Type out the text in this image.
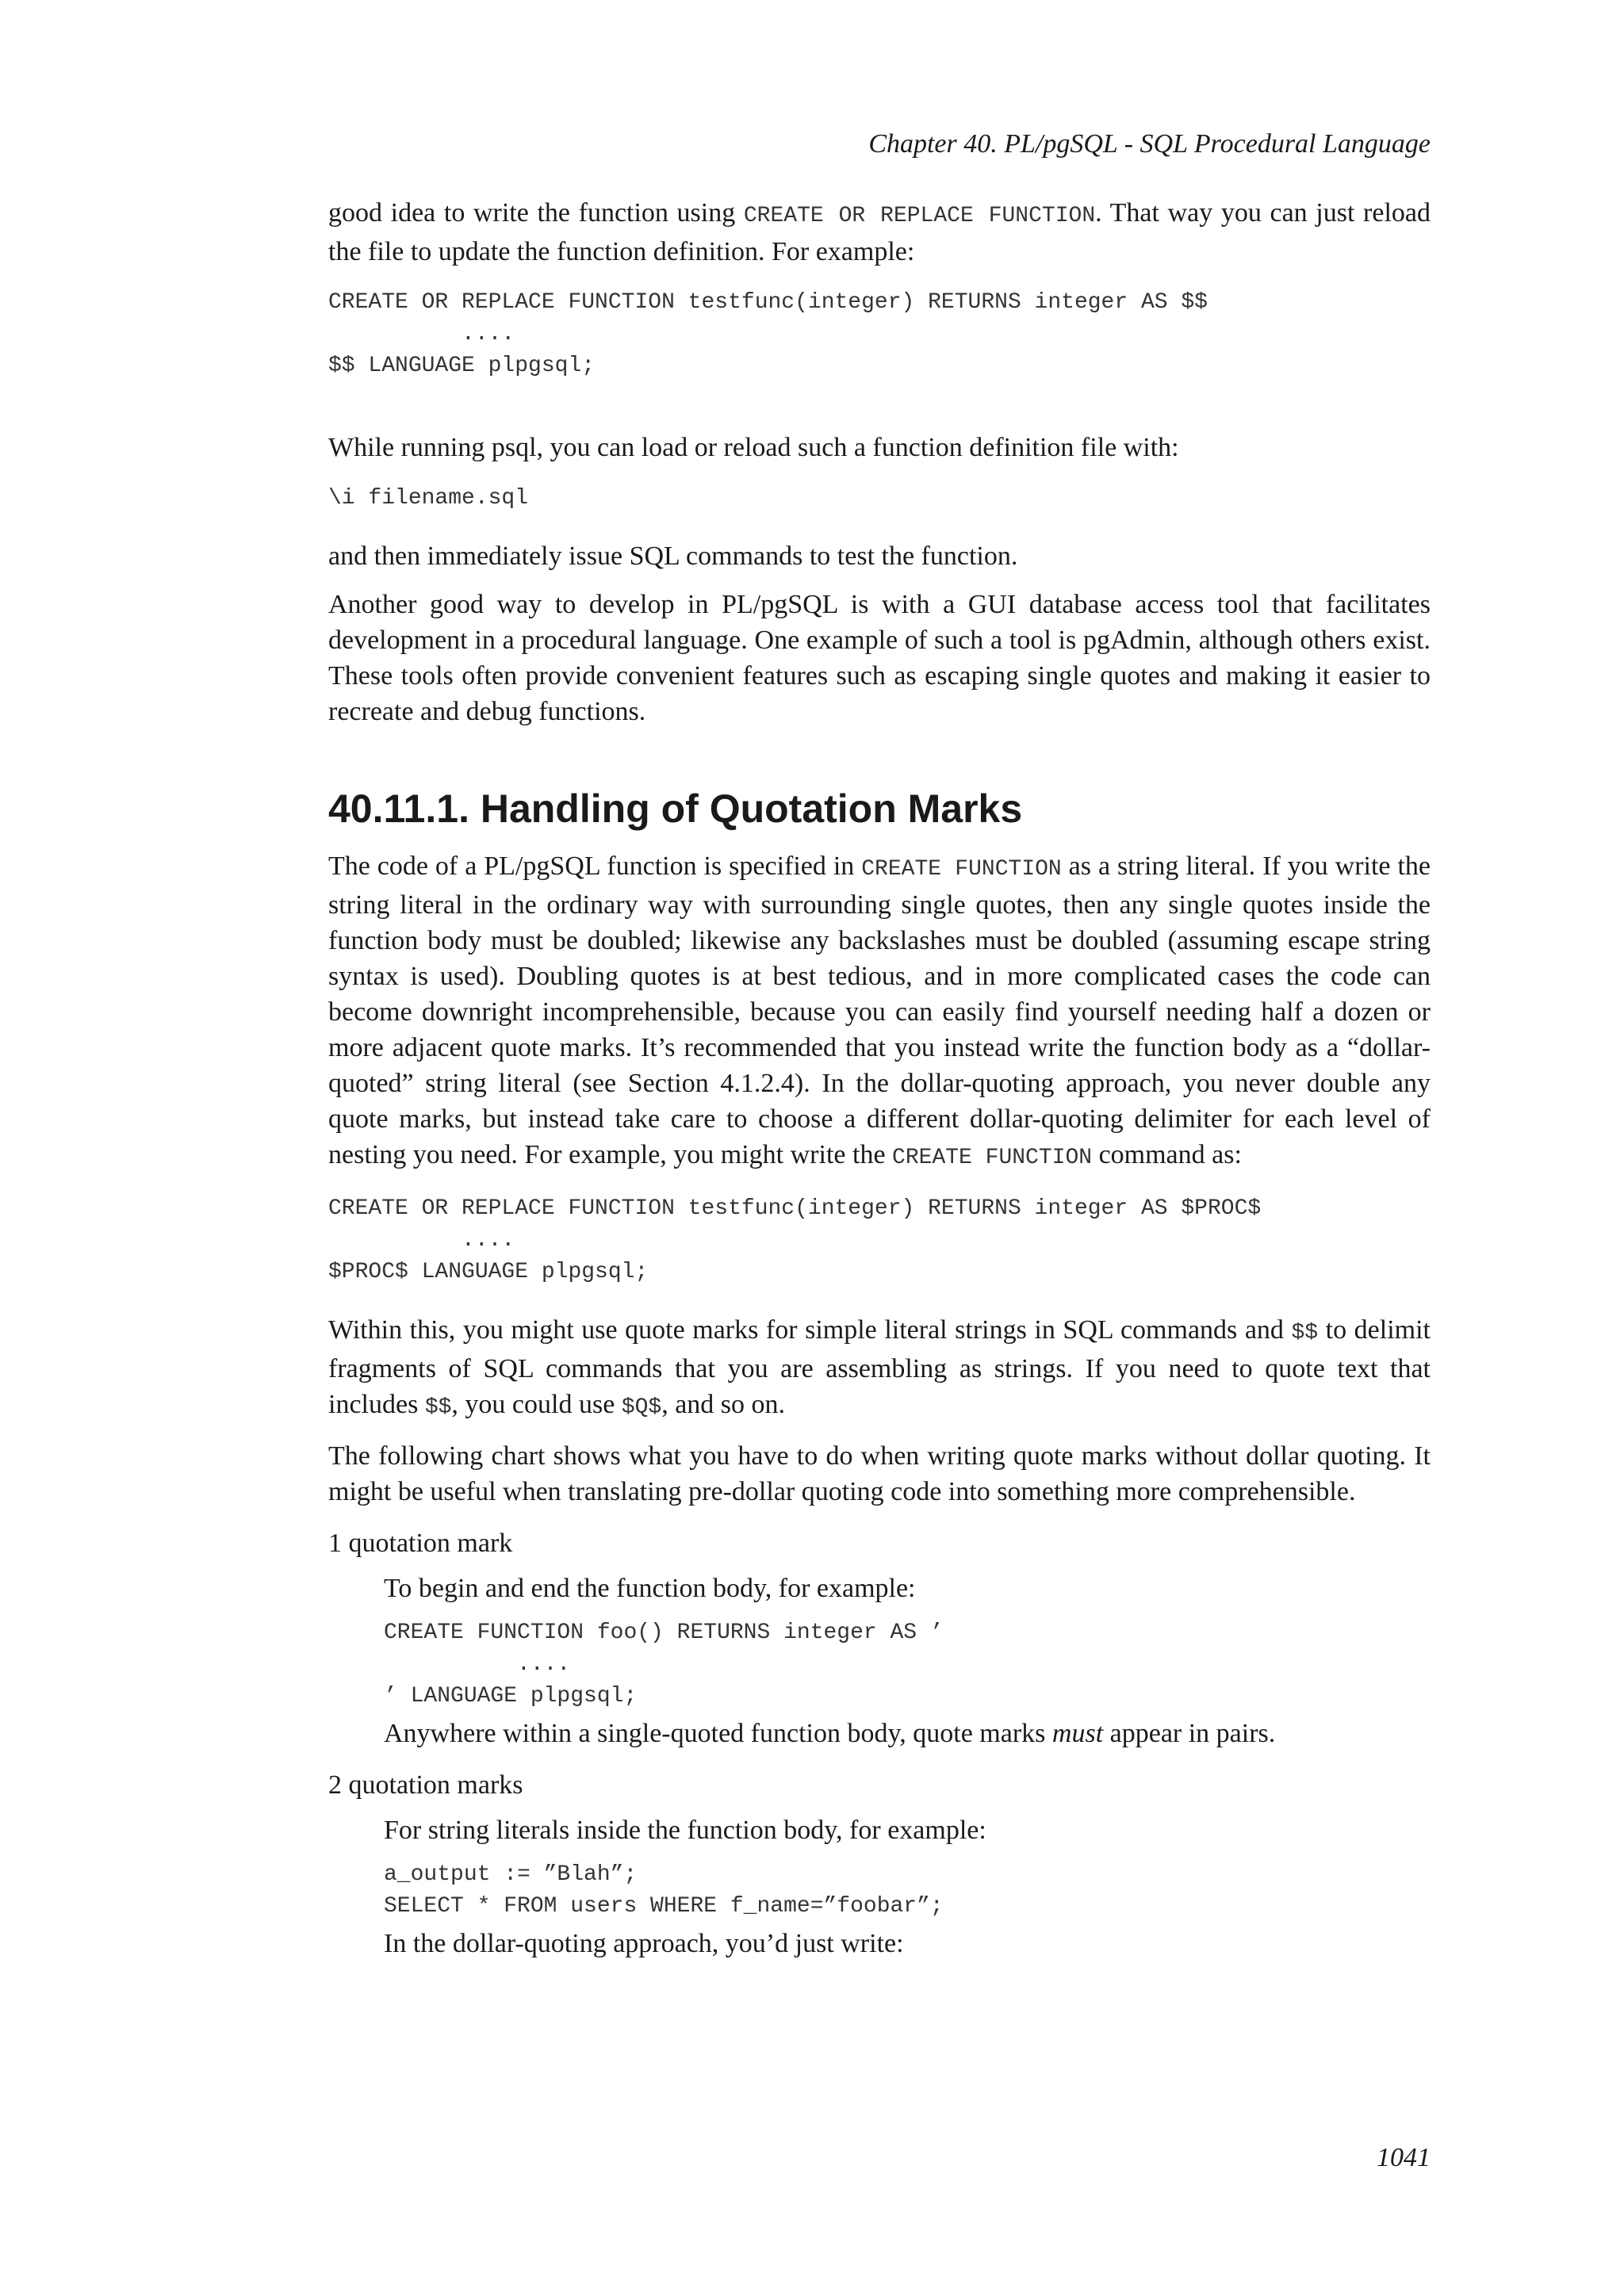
Chapter 40. PL/pgSQL - SQL Procedural Language

good idea to write the function using CREATE OR REPLACE FUNCTION. That way you can just reload the file to update the function definition. For example:

CREATE OR REPLACE FUNCTION testfunc(integer) RETURNS integer AS $$
....
$$ LANGUAGE plpgsql;

While running psql, you can load or reload such a function definition file with:

\i filename.sql

and then immediately issue SQL commands to test the function.

Another good way to develop in PL/pgSQL is with a GUI database access tool that facilitates development in a procedural language. One example of such a tool is pgAdmin, although others exist. These tools often provide convenient features such as escaping single quotes and making it easier to recreate and debug functions.

40.11.1. Handling of Quotation Marks

The code of a PL/pgSQL function is specified in CREATE FUNCTION as a string literal. If you write the string literal in the ordinary way with surrounding single quotes, then any single quotes inside the function body must be doubled; likewise any backslashes must be doubled (assuming escape string syntax is used). Doubling quotes is at best tedious, and in more complicated cases the code can become downright incomprehensible, because you can easily find yourself needing half a dozen or more adjacent quote marks. It’s recommended that you instead write the function body as a “dollar-quoted” string literal (see Section 4.1.2.4). In the dollar-quoting approach, you never double any quote marks, but instead take care to choose a different dollar-quoting delimiter for each level of nesting you need. For example, you might write the CREATE FUNCTION command as:

CREATE OR REPLACE FUNCTION testfunc(integer) RETURNS integer AS $PROC$
....
$PROC$ LANGUAGE plpgsql;

Within this, you might use quote marks for simple literal strings in SQL commands and $$ to delimit fragments of SQL commands that you are assembling as strings. If you need to quote text that includes $$, you could use $Q$, and so on.

The following chart shows what you have to do when writing quote marks without dollar quoting. It might be useful when translating pre-dollar quoting code into something more comprehensible.

1 quotation mark

To begin and end the function body, for example:

CREATE FUNCTION foo() RETURNS integer AS ’
....
’ LANGUAGE plpgsql;

Anywhere within a single-quoted function body, quote marks must appear in pairs.

2 quotation marks

For string literals inside the function body, for example:

a_output := ”Blah”;
SELECT * FROM users WHERE f_name=”foobar”;

In the dollar-quoting approach, you’d just write:

1041
